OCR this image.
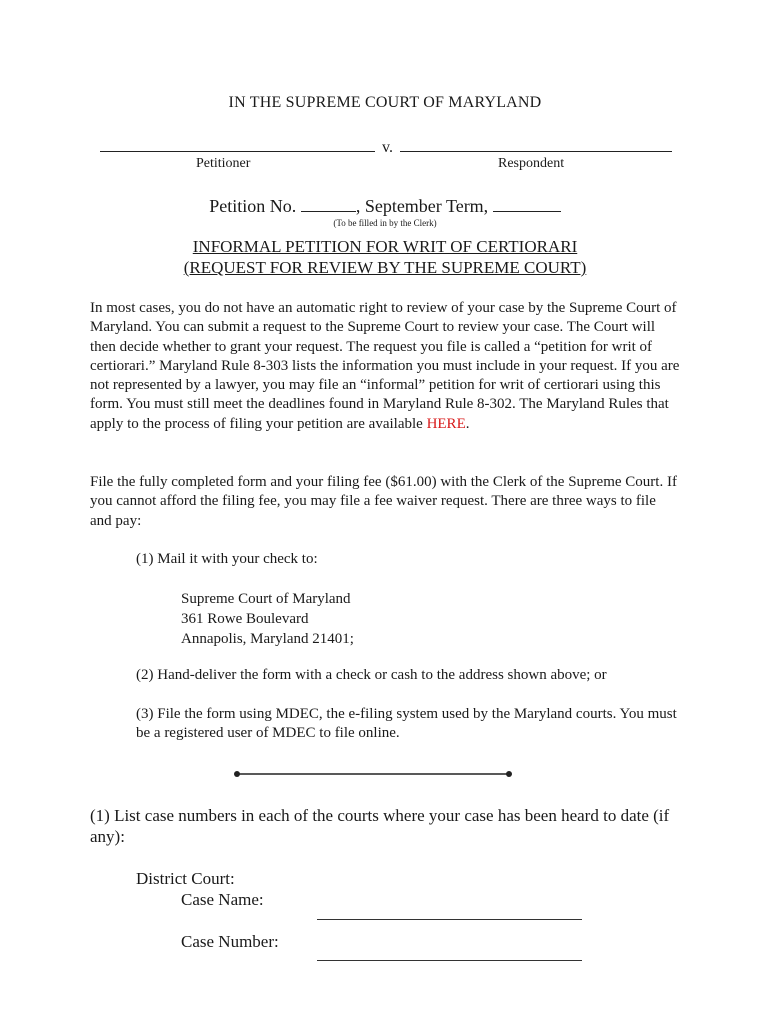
IN THE SUPREME COURT OF MARYLAND
v.
Petitioner	Respondent
Petition No.	, September Term,
(To be filled in by the Clerk)
INFORMAL PETITION FOR WRIT OF CERTIORARI
(REQUEST FOR REVIEW BY THE SUPREME COURT)

In most cases, you do not have an automatic right to review of your case by the Supreme Court of Maryland. You can submit a request to the Supreme Court to review your case. The Court will then decide whether to grant your request. The request you file is called a “petition for writ of certiorari.” Maryland Rule 8-303 lists the information you must include in your request. If you are not represented by a lawyer, you may file an “informal” petition for writ of certiorari using this form. You must still meet the deadlines found in Maryland Rule 8-302. The Maryland Rules that apply to the process of filing your petition are available HERE.

File the fully completed form and your filing fee ($61.00) with the Clerk of the Supreme Court. If you cannot afford the filing fee, you may file a fee waiver request. There are three ways to file and pay:
(1) Mail it with your check to:
Supreme Court of Maryland
361 Rowe Boulevard
Annapolis, Maryland 21401;
(2) Hand-deliver the form with a check or cash to the address shown above; or
(3) File the form using MDEC, the e-filing system used by the Maryland courts. You must be a registered user of MDEC to file online.
(1) List case numbers in each of the courts where your case has been heard to date (if any):
District Court:
Case Name:
Case Number:
